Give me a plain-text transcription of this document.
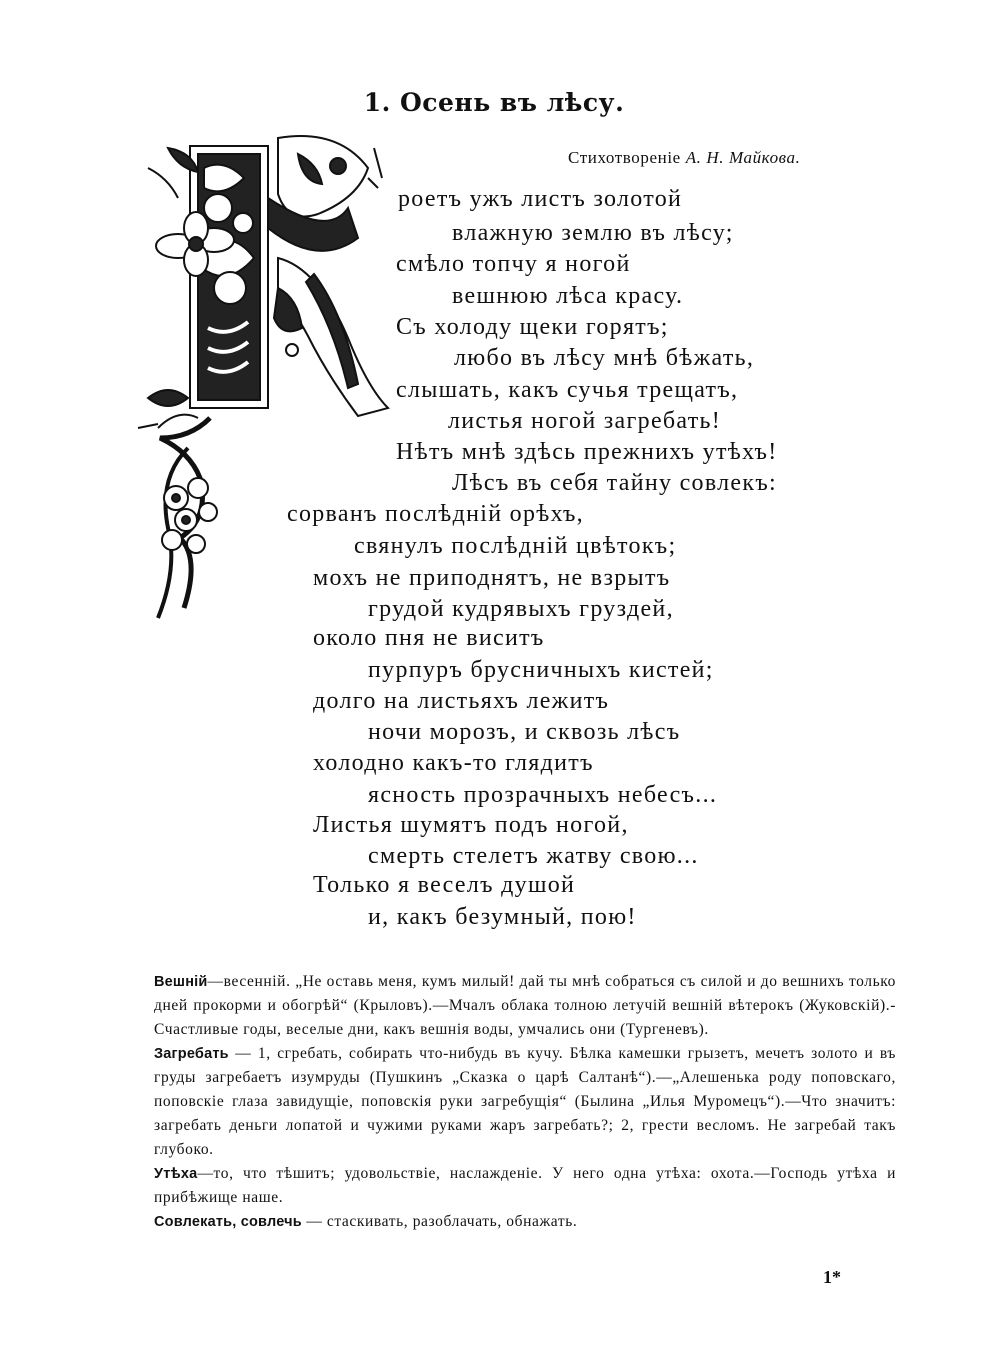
1. Осень въ лѣсу.
Стихотвореніе А. Н. Майкова.
роетъ ужъ листъ золотой
влажную землю въ лѣсу;
смѣло топчу я ногой
вешнюю лѣса красу.
Съ холоду щеки горятъ;
любо въ лѣсу мнѣ бѣжать,
слышать, какъ сучья трещатъ,
листья ногой загребать!
Нѣтъ мнѣ здѣсь прежнихъ утѣхъ!
Лѣсъ въ себя тайну совлекъ:
сорванъ послѣдній орѣхъ,
свянулъ послѣдній цвѣтокъ;
мохъ не приподнятъ, не взрытъ
грудой кудрявыхъ груздей,
около пня не виситъ
пурпуръ брусничныхъ кистей;
долго на листьяхъ лежитъ
ночи морозъ, и сквозь лѣсъ
холодно какъ-то глядитъ
ясность прозрачныхъ небесъ...
Листья шумятъ подъ ногой,
смерть стелетъ жатву свою...
Только я веселъ душой
и, какъ безумный, пою!

Вешній—весенній. „Не оставь меня, кумъ милый! дай ты мнѣ собраться съ силой и до вешнихъ только дней прокорми и обогрѣй“ (Крыловъ).—Мчалъ облака толною летучій вешній вѣтерокъ (Жуковскій).- Счастливые годы, веселые дни, какъ вешнія воды, умчались они (Тургеневъ).

Загребать — 1, сгребать, собирать что-нибудь въ кучу. Бѣлка камешки грызетъ, мечетъ золото и въ груды загребаетъ изумруды (Пушкинъ „Сказка о царѣ Салтанѣ“).—„Алешенька роду поповскаго, поповскіе глаза завидущіе, поповскія руки загребущія“ (Былина „Илья Муромецъ“).—Что значитъ: загребать деньги лопатой и чужими руками жаръ загребать?; 2, грести весломъ. Не загребай такъ глубоко.

Утѣха—то, что тѣшитъ; удовольствіе, наслажденіе. У него одна утѣха: охота.—Господь утѣха и прибѣжище наше.

Совлекать, совлечь — стаскивать, разоблачать, обнажать.

1*
